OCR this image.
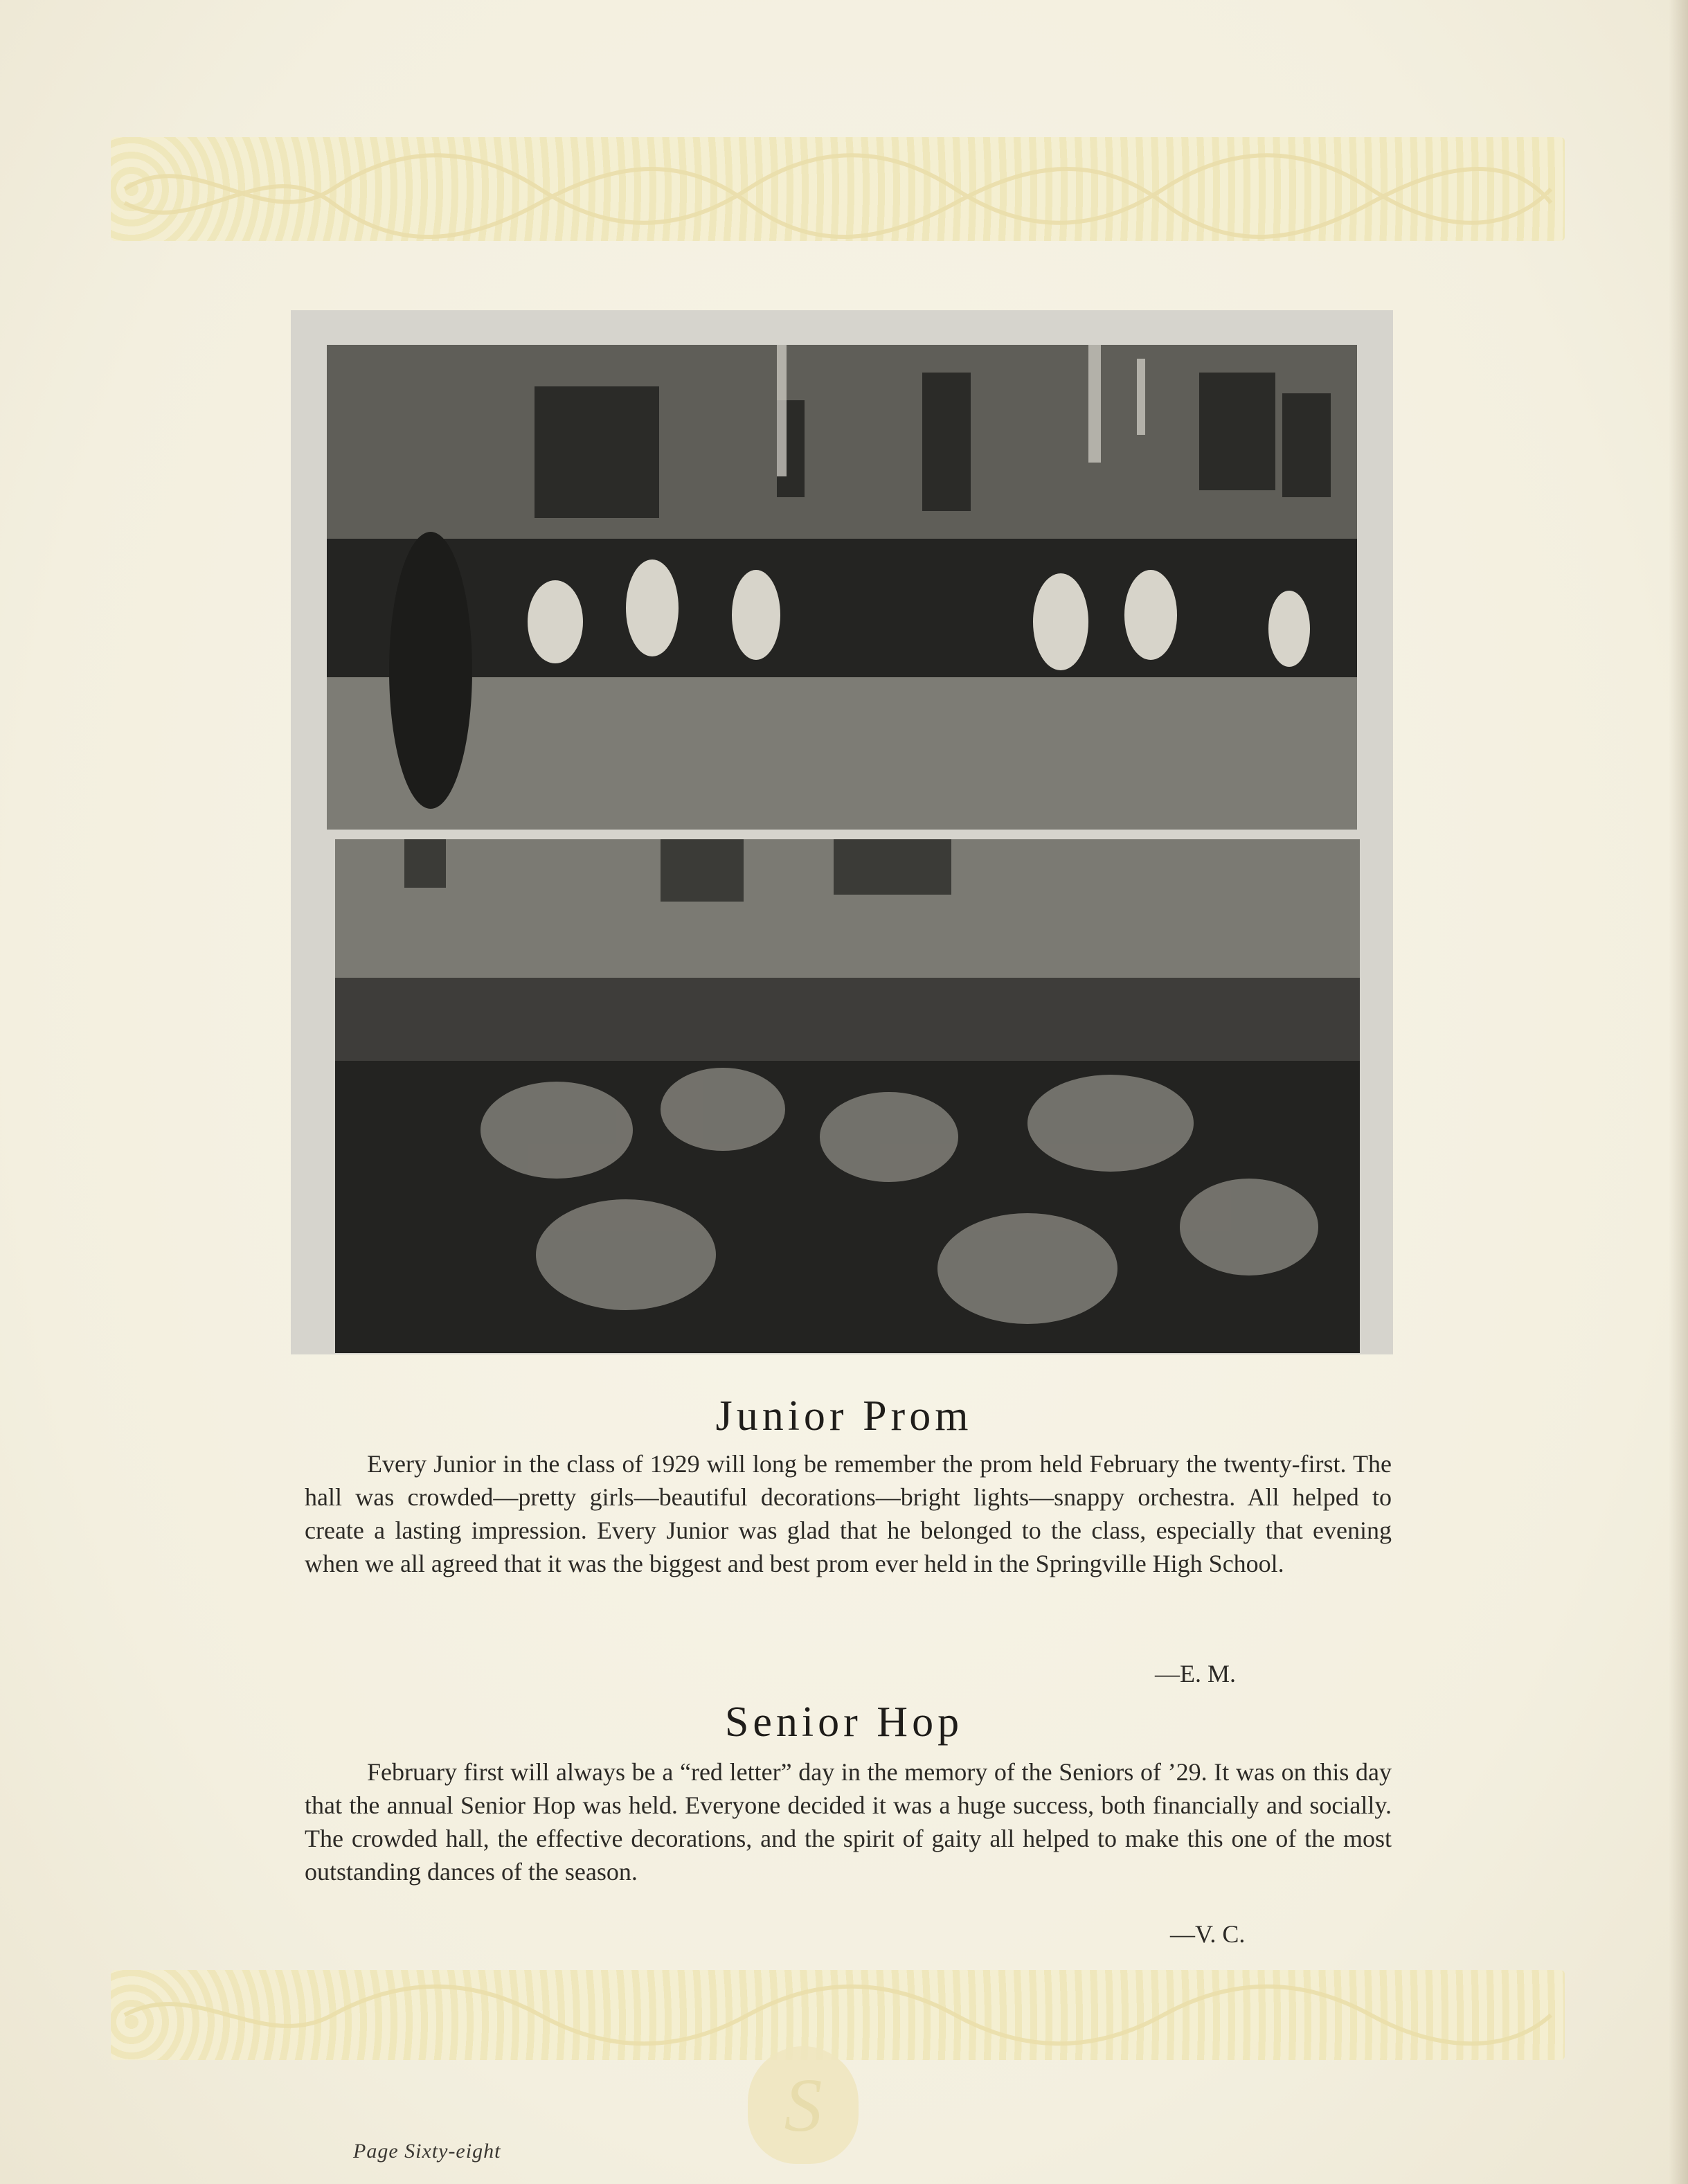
Junior Prom

Every Junior in the class of 1929 will long be remember the prom held February the twenty-first. The hall was crowded—pretty girls—beautiful decorations—bright lights—snappy orchestra. All helped to create a lasting impression. Every Junior was glad that he belonged to the class, especially that evening when we all agreed that it was the biggest and best prom ever held in the Springville High School.

—E. M.

Senior Hop

February first will always be a “red letter” day in the memory of the Seniors of ’29. It was on this day that the annual Senior Hop was held. Everyone decided it was a huge success, both financially and socially. The crowded hall, the effective decorations, and the spirit of gaity all helped to make this one of the most outstanding dances of the season.

—V. C.

S
Page Sixty-eight
